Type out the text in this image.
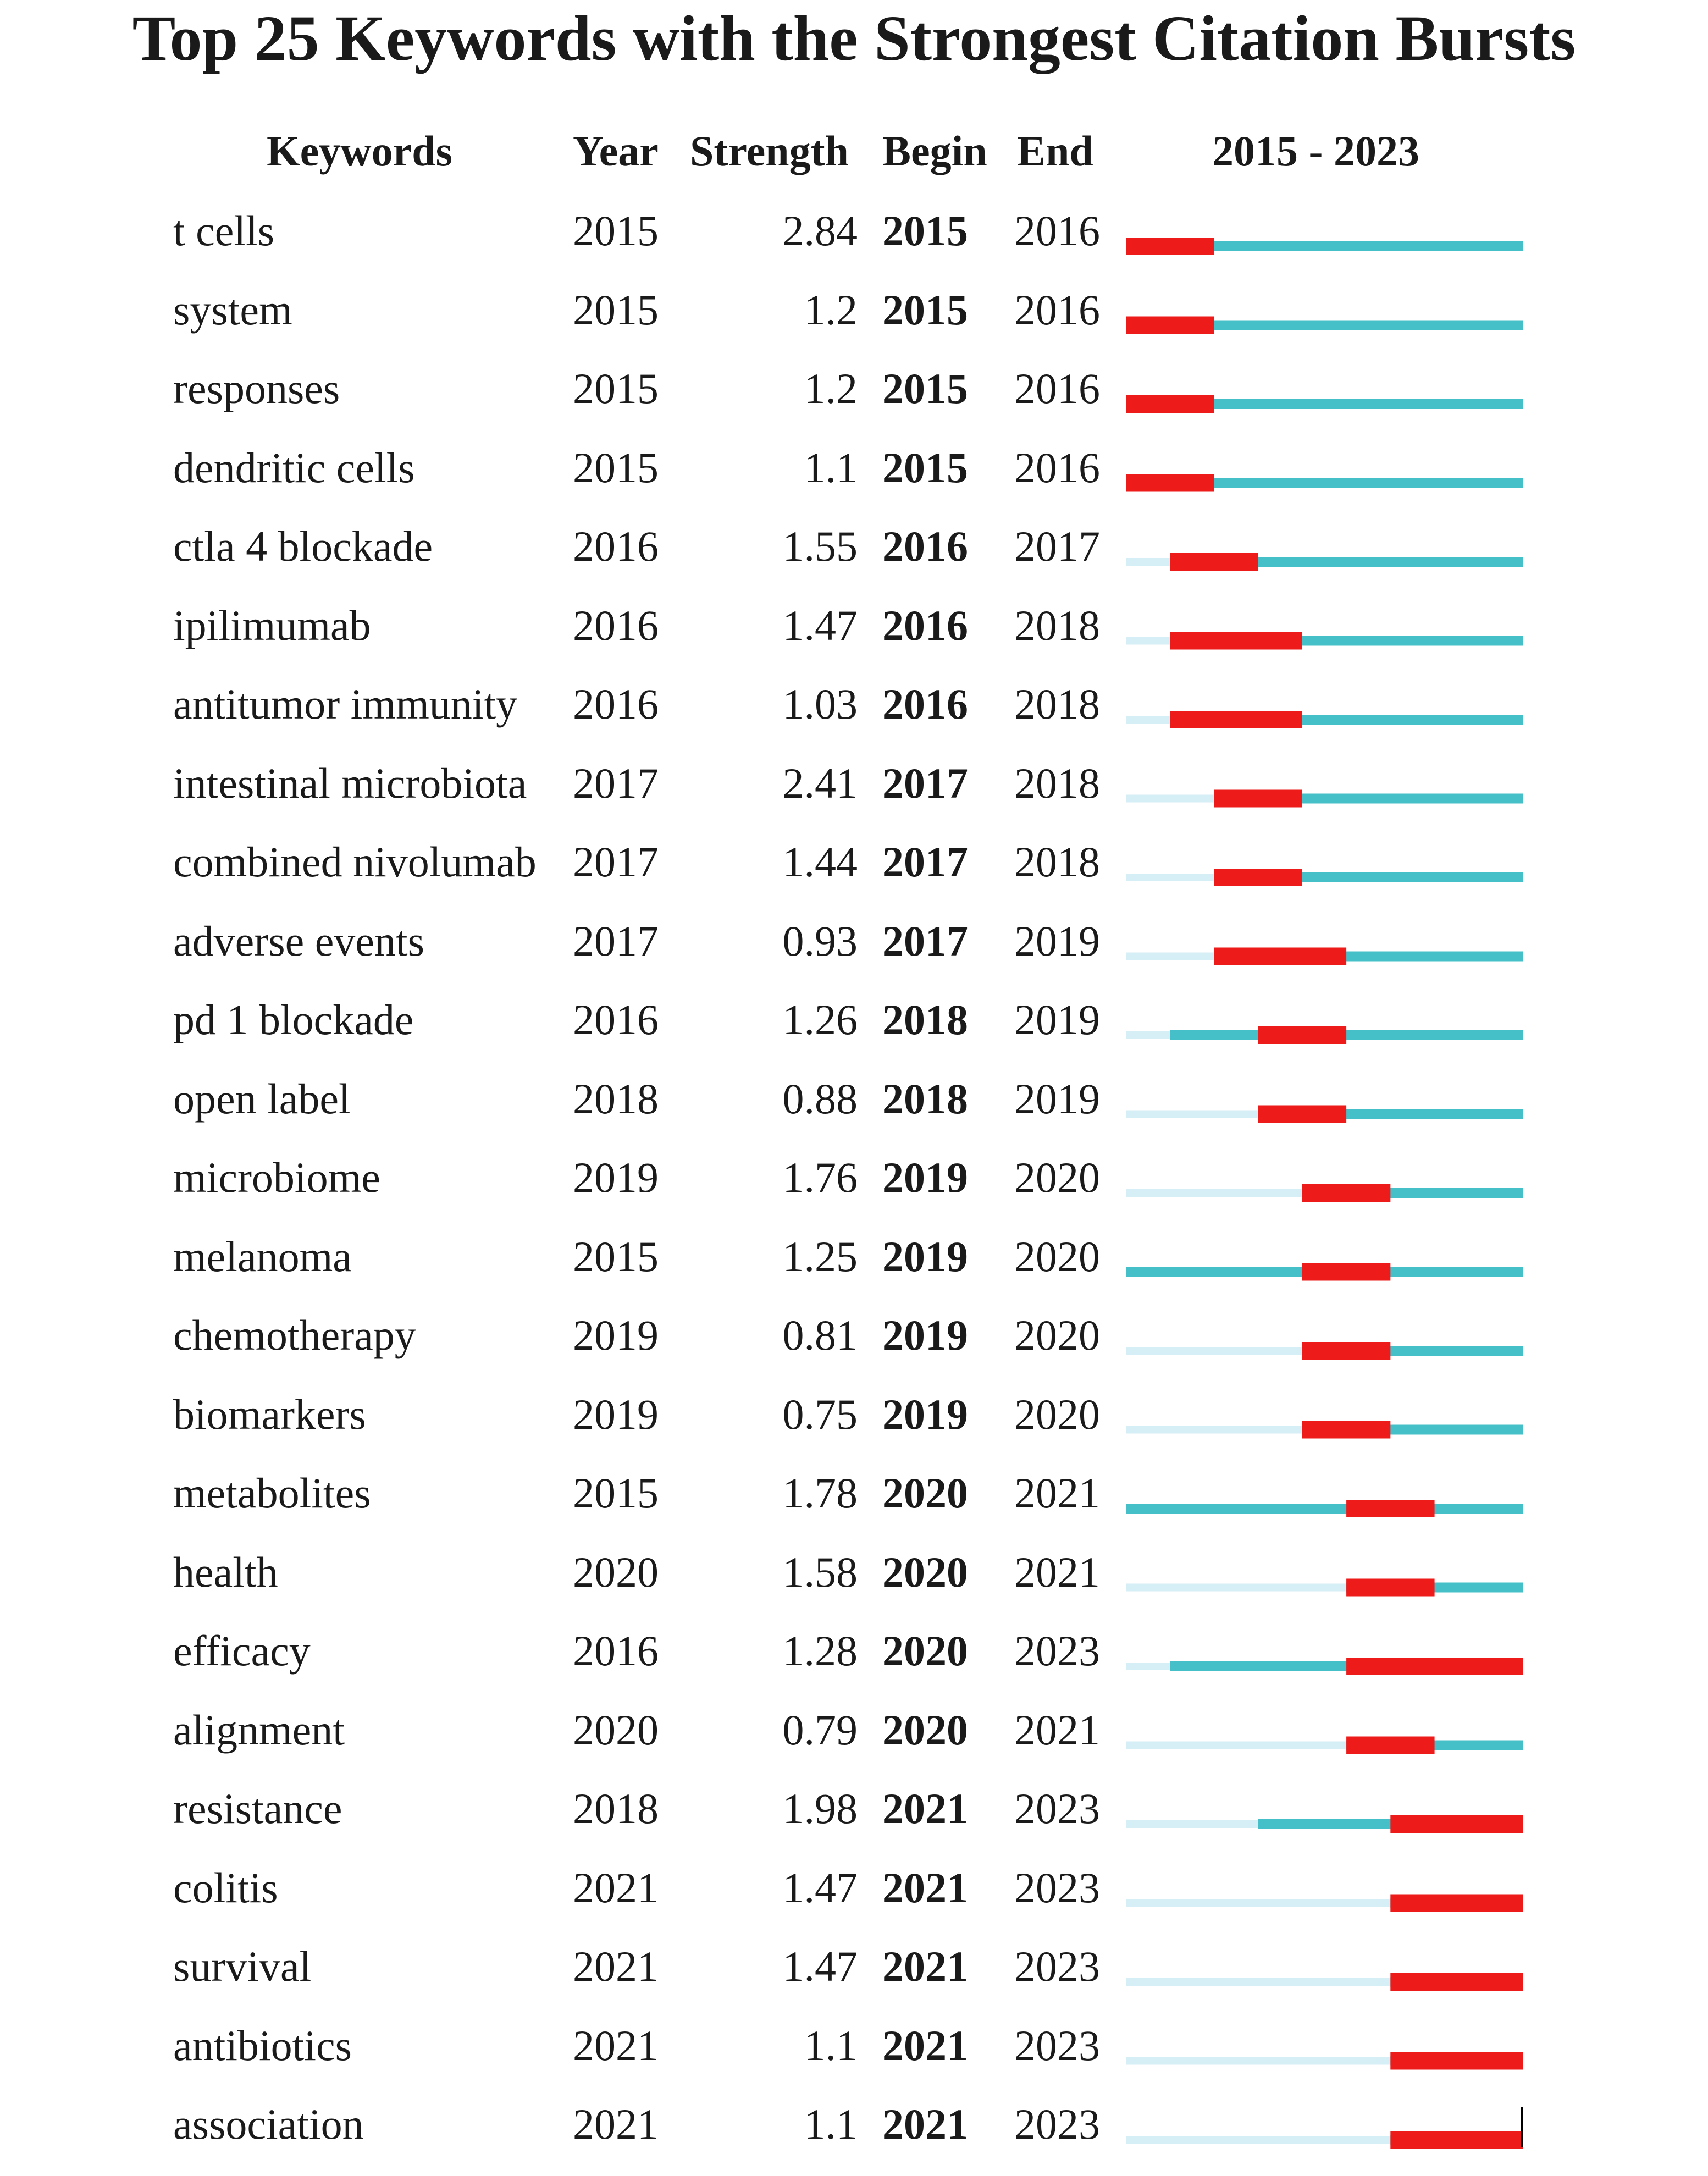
Top 25 Keywords with the Strongest Citation Bursts
Keywords	Year Strength Begin End	2015 - 2023
t cells	2015	2.84 2015 2016
system	2015	1.2 2015 2016
responses	2015	1.2 2015 2016
dendritic cells	2015	1.1 2015 2016
ctla 4 blockade	2016	1.55 2016 2017
ipilimumab	2016	1.47 2016 2018
antitumor immunity 2016	1.03 2016 2018
intestinal microbiota 2017	2.41 2017 2018
combined nivolumab 2017	1.44 2017 2018
adverse events	2017	0.93 2017 2019
pd 1 blockade	2016	1.26 2018 2019
open label	2018	0.88 2018 2019
microbiome	2019	1.76 2019 2020
melanoma	2015	1.25 2019 2020
chemotherapy	2019	0.81 2019 2020
biomarkers	2019	0.75 2019 2020
metabolites	2015	1.78 2020 2021
health	2020	1.58 2020 2021
efficacy	2016	1.28 2020 2023
alignment	2020	0.79 2020 2021
resistance	2018	1.98 2021 2023
colitis	2021	1.47 2021 2023
survival	2021	1.47 2021 2023
antibiotics	2021	1.1 2021 2023
association	2021	1.1 2021 2023
